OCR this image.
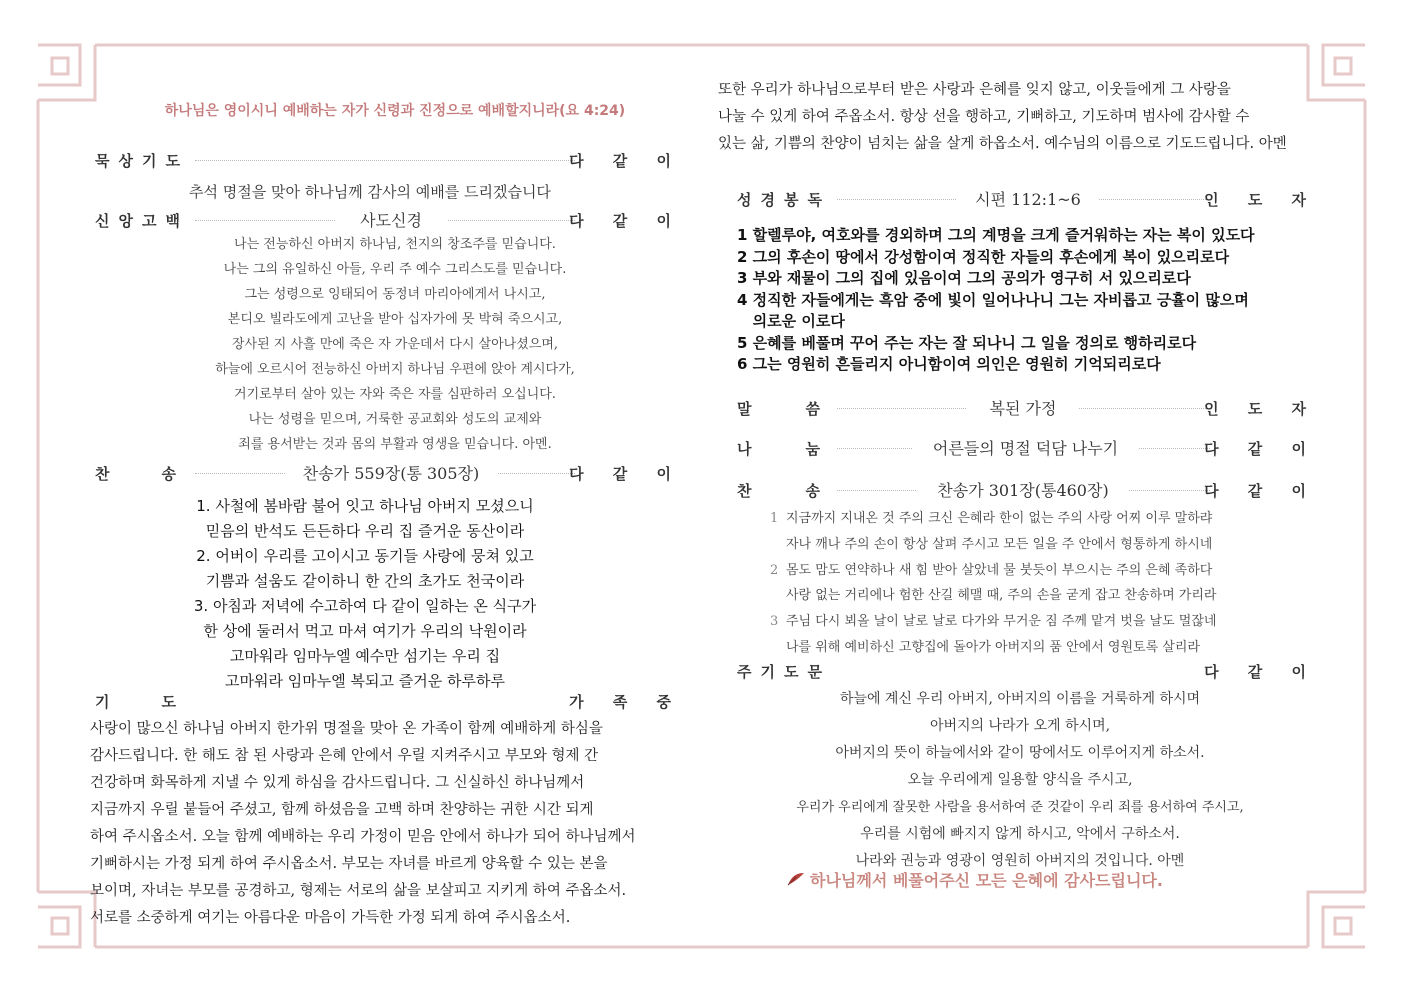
하나님은 영이시니 예배하는 자가 신령과 진정으로 예배할지니라(요 4:24)
묵상기도	다 같 이
추석 명절을 맞아 하나님께 감사의 예배를 드리겠습니다
신앙고백	사도신경	다 같 이
나는 전능하신 아버지 하나님, 천지의 창조주를 믿습니다.
나는 그의 유일하신 아들, 우리 주 예수 그리스도를 믿습니다.
그는 성령으로 잉태되어 동정녀 마리아에게서 나시고,
본디오 빌라도에게 고난을 받아 십자가에 못 박혀 죽으시고,
장사된 지 사흘 만에 죽은 자 가운데서 다시 살아나셨으며,
하늘에 오르시어 전능하신 아버지 하나님 우편에 앉아 계시다가,
거기로부터 살아 있는 자와 죽은 자를 심판하러 오십니다.
나는 성령을 믿으며, 거룩한 공교회와 성도의 교제와
죄를 용서받는 것과 몸의 부활과 영생을 믿습니다. 아멘.
찬송	찬송가 559장(통 305장)	다 같 이
1. 사철에 봄바람 불어 잇고 하나님 아버지 모셨으니
믿음의 반석도 든든하다 우리 집 즐거운 동산이라
2. 어버이 우리를 고이시고 동기들 사랑에 뭉쳐 있고
기쁨과 설움도 같이하니 한 간의 초가도 천국이라
3. 아침과 저녁에 수고하여 다 같이 일하는 온 식구가
한 상에 둘러서 먹고 마셔 여기가 우리의 낙원이라
고마워라 임마누엘 예수만 섬기는 우리 집
고마워라 임마누엘 복되고 즐거운 하루하루
기도	가 족 중
사랑이 많으신 하나님 아버지 한가위 명절을 맞아 온 가족이 함께 예배하게 하심을
감사드립니다. 한 해도 참 된 사랑과 은혜 안에서 우릴 지켜주시고 부모와 형제 간
건강하며 화목하게 지낼 수 있게 하심을 감사드립니다. 그 신실하신 하나님께서
지금까지 우릴 붙들어 주셨고, 함께 하셨음을 고백 하며 찬양하는 귀한 시간 되게
하여 주시옵소서. 오늘 함께 예배하는 우리 가정이 믿음 안에서 하나가 되어 하나님께서
기뻐하시는 가정 되게 하여 주시옵소서. 부모는 자녀를 바르게 양육할 수 있는 본을
보이며, 자녀는 부모를 공경하고, 형제는 서로의 삶을 보살피고 지키게 하여 주옵소서.
서로를 소중하게 여기는 아름다운 마음이 가득한 가정 되게 하여 주시옵소서.
또한 우리가 하나님으로부터 받은 사랑과 은혜를 잊지 않고, 이웃들에게 그 사랑을
나눌 수 있게 하여 주옵소서. 항상 선을 행하고, 기뻐하고, 기도하며 범사에 감사할 수
있는 삶, 기쁨의 찬양이 넘치는 삶을 살게 하옵소서. 예수님의 이름으로 기도드립니다. 아멘
성경봉독	시편 112:1~6	인 도 자
1 할렐루야, 여호와를 경외하며 그의 계명을 크게 즐거워하는 자는 복이 있도다
2 그의 후손이 땅에서 강성함이여 정직한 자들의 후손에게 복이 있으리로다
3 부와 재물이 그의 집에 있음이여 그의 공의가 영구히 서 있으리로다
4 정직한 자들에게는 흑암 중에 빛이 일어나나니 그는 자비롭고 긍휼이 많으며
의로운 이로다
5 은혜를 베풀며 꾸어 주는 자는 잘 되나니 그 일을 정의로 행하리로다
6 그는 영원히 흔들리지 아니함이여 의인은 영원히 기억되리로다
말씀	복된 가정	인 도 자
나눔	어른들의 명절 덕담 나누기	다 같 이
찬송	찬송가 301장(통460장)	다 같 이
1 지금까지 지내온 것 주의 크신 은혜라 한이 없는 주의 사랑 어찌 이루 말하랴
자나 깨나 주의 손이 항상 살펴 주시고 모든 일을 주 안에서 형통하게 하시네
2 몸도 맘도 연약하나 새 힘 받아 살았네 물 붓듯이 부으시는 주의 은혜 족하다
사랑 없는 거리에나 험한 산길 헤맬 때, 주의 손을 굳게 잡고 찬송하며 가리라
3 주님 다시 뵈올 날이 날로 날로 다가와 무거운 짐 주께 맡겨 벗을 날도 멀잖네
나를 위해 예비하신 고향집에 돌아가 아버지의 품 안에서 영원토록 살리라
주기도문	다 같 이
하늘에 계신 우리 아버지, 아버지의 이름을 거룩하게 하시며
아버지의 나라가 오게 하시며,
아버지의 뜻이 하늘에서와 같이 땅에서도 이루어지게 하소서.
오늘 우리에게 일용할 양식을 주시고,
우리가 우리에게 잘못한 사람을 용서하여 준 것같이 우리 죄를 용서하여 주시고,
우리를 시험에 빠지지 않게 하시고, 악에서 구하소서.
나라와 권능과 영광이 영원히 아버지의 것입니다. 아멘
하나님께서 베풀어주신 모든 은혜에 감사드립니다.
